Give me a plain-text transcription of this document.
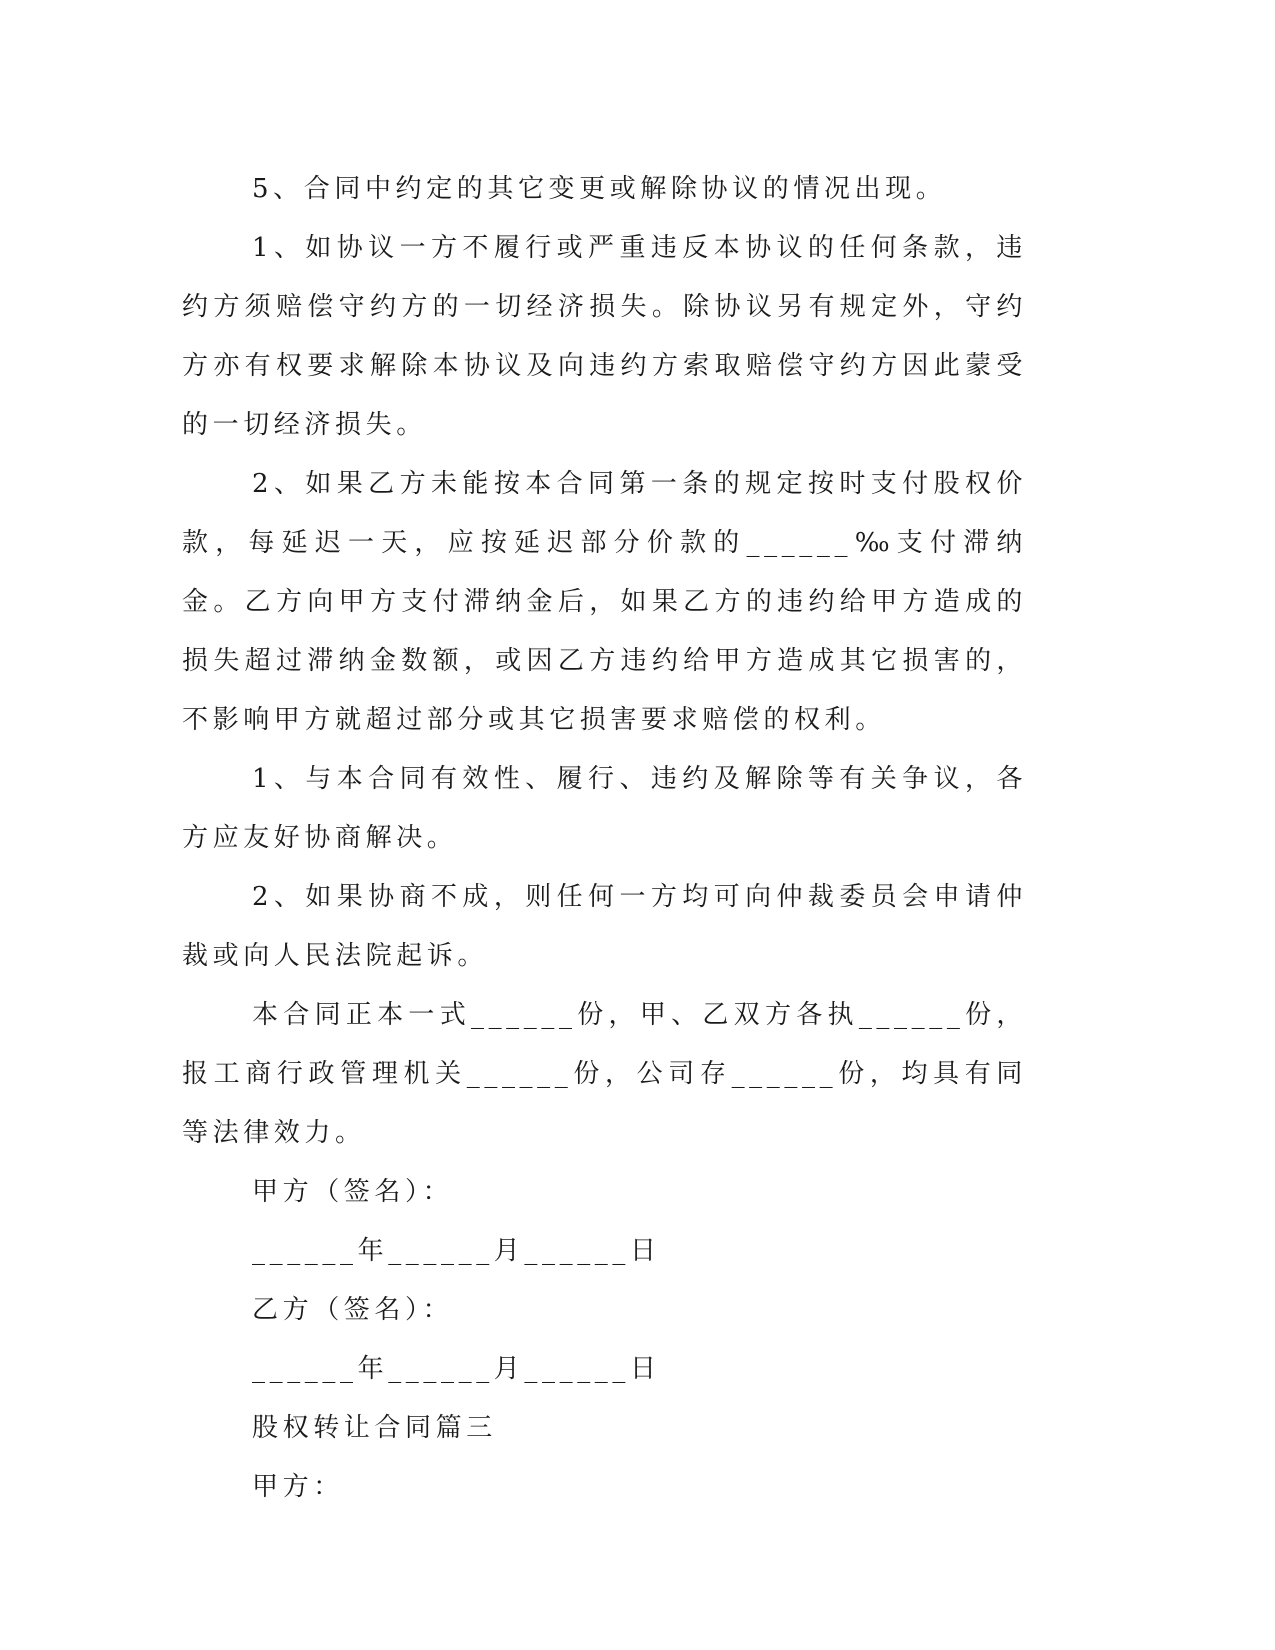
5、合同中约定的其它变更或解除协议的情况出现。

1、如协议一方不履行或严重违反本协议的任何条款，违约方须赔偿守约方的一切经济损失。除协议另有规定外，守约方亦有权要求解除本协议及向违约方索取赔偿守约方因此蒙受的一切经济损失。

2、如果乙方未能按本合同第一条的规定按时支付股权价款，每延迟一天，应按延迟部分价款的______‰支付滞纳金。乙方向甲方支付滞纳金后，如果乙方的违约给甲方造成的损失超过滞纳金数额，或因乙方违约给甲方造成其它损害的，不影响甲方就超过部分或其它损害要求赔偿的权利。

1、与本合同有效性、履行、违约及解除等有关争议，各方应友好协商解决。

2、如果协商不成，则任何一方均可向仲裁委员会申请仲裁或向人民法院起诉。

本合同正本一式______份，甲、乙双方各执______份，报工商行政管理机关______份，公司存______份，均具有同等法律效力。

甲方（签名）：

______年______月______日

乙方（签名）：

______年______月______日

股权转让合同篇三

甲方：
